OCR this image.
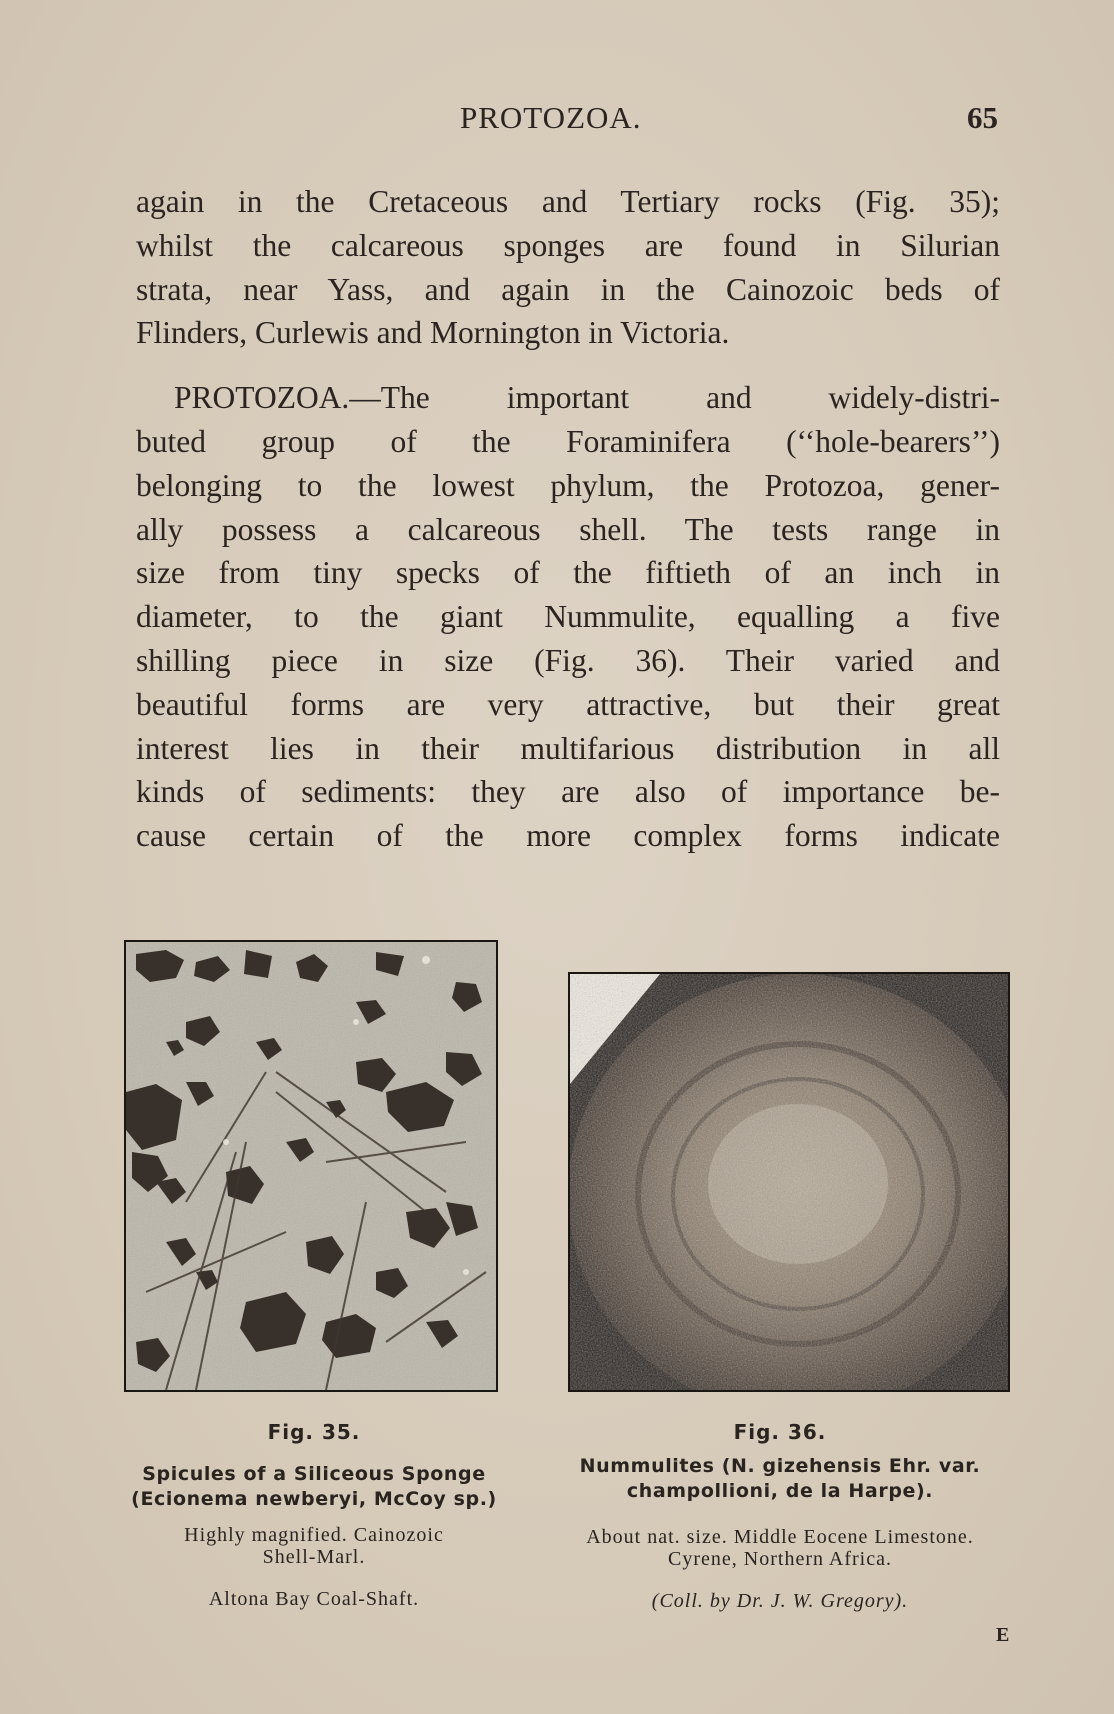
PROTOZOA.	65

again in the Cretaceous and Tertiary rocks (Fig. 35);

whilst the calcareous sponges are found in Silurian

strata, near Yass, and again in the Cainozoic beds of

Flinders, Curlewis and Mornington in Victoria.

PROTOZOA.—The important and widely-distri-

buted group of the Foraminifera (‘‘hole-bearers’’)

belonging to the lowest phylum, the Protozoa, gener-

ally possess a calcareous shell. The tests range in

size from tiny specks of the fiftieth of an inch in

diameter, to the giant Nummulite, equalling a five

shilling piece in size (Fig. 36). Their varied and

beautiful forms are very attractive, but their great

interest lies in their multifarious distribution in all

kinds of sediments: they are also of importance be-

cause certain of the more complex forms indicate

Fig. 35.
Spicules of a Siliceous Sponge
(Ecionema newberyi, McCoy sp.)
Highly magnified. Cainozoic
Shell-Marl.
Altona Bay Coal-Shaft.
Fig. 36.
Nummulites (N. gizehensis Ehr. var.
champollioni, de la Harpe).
About nat. size. Middle Eocene Limestone.
Cyrene, Northern Africa.
(Coll. by Dr. J. W. Gregory).
E
